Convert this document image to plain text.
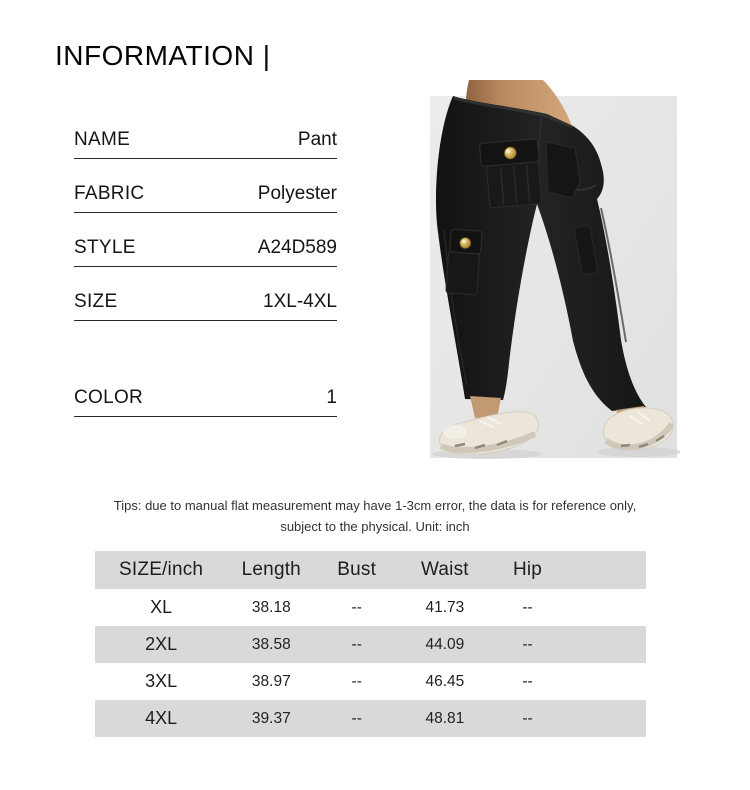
INFORMATION |
NAME	Pant
FABRIC	Polyester
STYLE	A24D589
SIZE	1XL-4XL
COLOR	1
Tips: due to manual flat measurement may have 1-3cm error, the data is for reference only,
subject to the physical. Unit: inch
SIZE/inch	Length	Bust	Waist	Hip
XL	38.18	--	41.73	--
2XL	38.58	--	44.09	--
3XL	38.97	--	46.45	--
4XL	39.37	--	48.81	--
